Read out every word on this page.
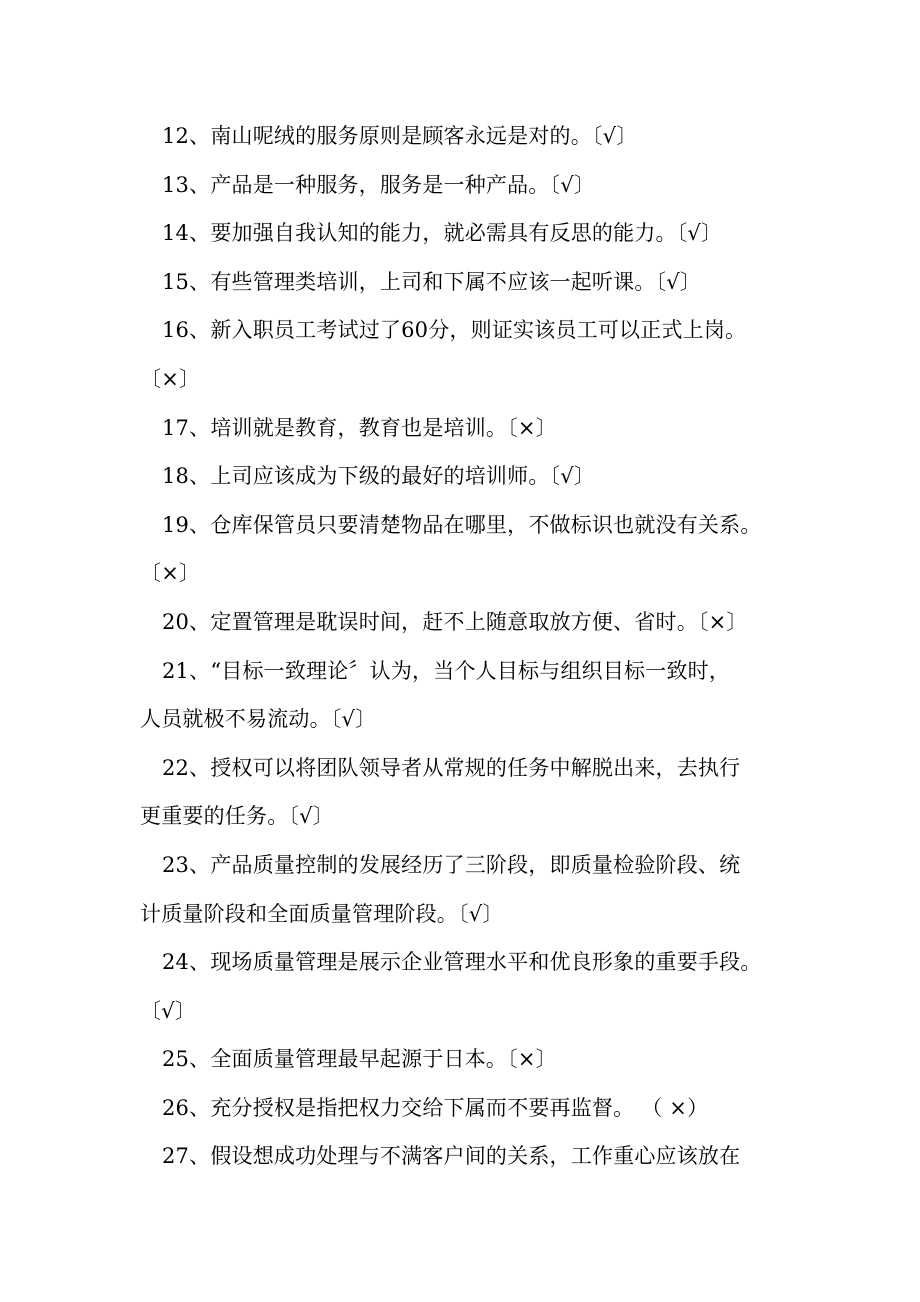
12、南山呢绒的服务原则是顾客永远是对的。〔√〕
13、产品是一种服务，服务是一种产品。〔√〕
14、要加强自我认知的能力，就必需具有反思的能力。〔√〕
15、有些管理类培训，上司和下属不应该一起听课。〔√〕
16、新入职员工考试过了60分，则证实该员工可以正式上岗。
〔×〕
17、培训就是教育，教育也是培训。〔×〕
18、上司应该成为下级的最好的培训师。〔√〕
19、仓库保管员只要清楚物品在哪里，不做标识也就没有关系。
〔×〕
20、定置管理是耽误时间，赶不上随意取放方便、省时。〔×〕
21、“目标一致理论〞认为，当个人目标与组织目标一致时，
人员就极不易流动。〔√〕
22、授权可以将团队领导者从常规的任务中解脱出来，去执行
更重要的任务。〔√〕
23、产品质量控制的发展经历了三阶段，即质量检验阶段、统
计质量阶段和全面质量管理阶段。〔√〕
24、现场质量管理是展示企业管理水平和优良形象的重要手段。
〔√〕
25、全面质量管理最早起源于日本。〔×〕
26、充分授权是指把权力交给下属而不要再监督。 （ ×）
27、假设想成功处理与不满客户间的关系，工作重心应该放在
